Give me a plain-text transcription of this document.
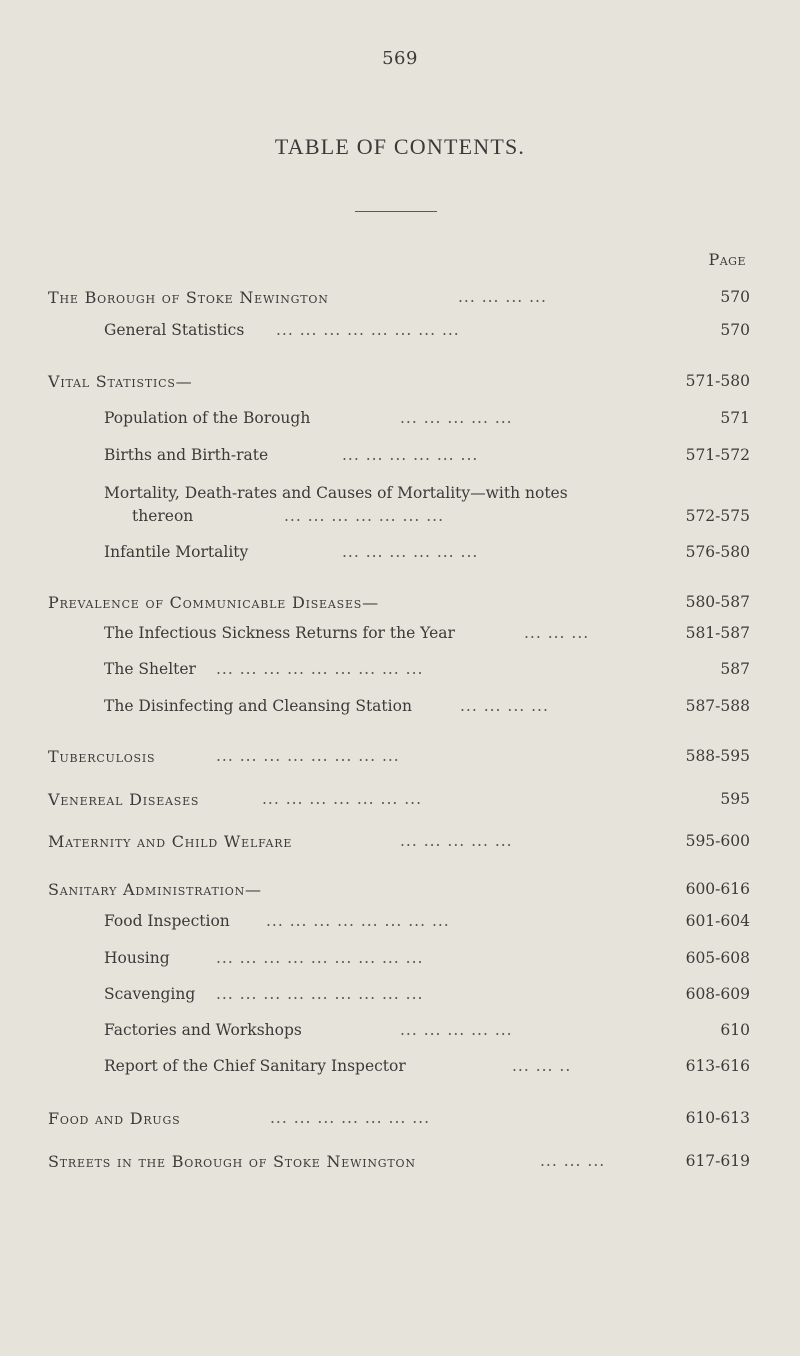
569
TABLE OF CONTENTS.
Page
The Borough of Stoke Newington	... ... ... ...	570
General Statistics ... ... ... ... ... ... ... ...	570
Vital Statistics—	571-580
Population of the Borough	... ... ... ... ...	571
Births and Birth-rate	... ... ... ... ... ...	571-572
Mortality, Death-rates and Causes of Mortality—with notes
thereon	... ... ... ... ... ... ...	572-575
Infantile Mortality	... ... ... ... ... ...	576-580
Prevalence of Communicable Diseases—	580-587
The Infectious Sickness Returns for the Year	... ... ...	581-587
The Shelter ... ... ... ... ... ... ... ... ...	587
The Disinfecting and Cleansing Station	... ... ... ...	587-588
Tuberculosis	... ... ... ... ... ... ... ...	588-595
Venereal Diseases	... ... ... ... ... ... ...	595
Maternity and Child Welfare	... ... ... ... ...	595-600
Sanitary Administration—	600-616
Food Inspection ... ... ... ... ... ... ... ...	601-604
Housing	... ... ... ... ... ... ... ... ...	605-608
Scavenging ... ... ... ... ... ... ... ... ...	608-609
Factories and Workshops	... ... ... ... ...	610
Report of the Chief Sanitary Inspector	... ... ..	613-616
Food and Drugs	... ... ... ... ... ... ...	610-613
Streets in the Borough of Stoke Newington	... ... ...	617-619
